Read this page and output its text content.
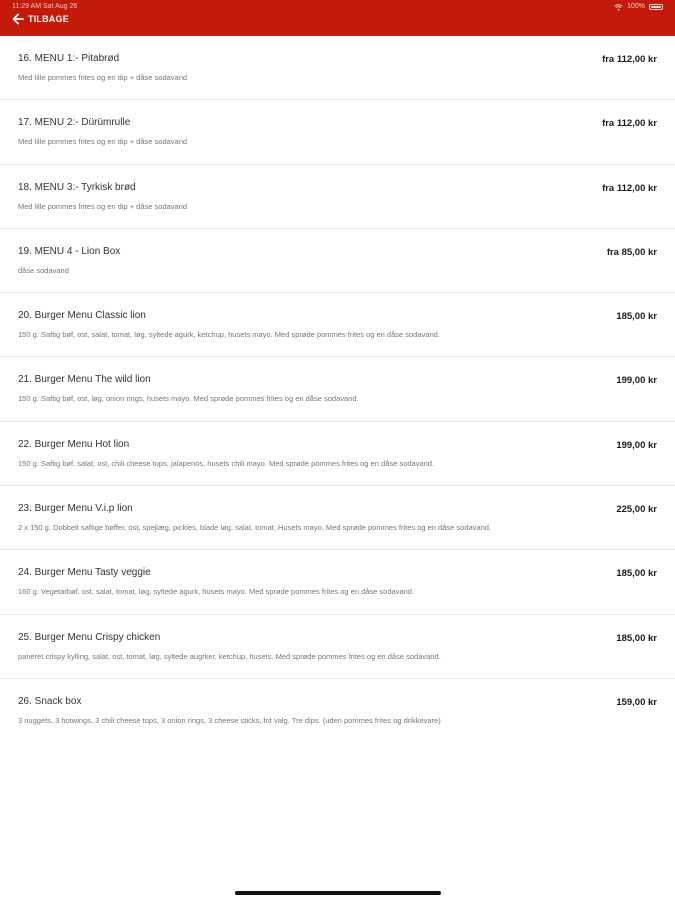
11:29 AM Sat Aug 26	100%
TILBAGE
16. MENU 1:- Pitabrød
Med lille pommes frites og en dip + dåse sodavand
fra 112,00 kr
17. MENU 2:- Dürümrulle
Med lille pommes frites og en dip + dåse sodavand
fra 112,00 kr
18. MENU 3:- Tyrkisk brød
Med lille pommes frites og en dip + dåse sodavand
fra 112,00 kr
19. MENU 4 - Lion Box
dåse sodavand
fra 85,00 kr
20. Burger Menu Classic lion
150 g. Saftig bøf, ost, salat, tomat, løg, syltede agurk, ketchup, husets mayo. Med sprøde pommes frites og en dåse sodavand.
185,00 kr
21. Burger Menu The wild lion
150 g. Saftig bøf, ost, løg, onion rings, husets mayo. Med sprøde pommes frites og en dåse sodavand.
199,00 kr
22. Burger Menu Hot lion
150 g. Saftig bøf, salat, ost, chili cheese tops, jalapenos, husets chili mayo. Med sprøde pommes frites og en dåse sodavand.
199,00 kr
23. Burger Menu V.i.p lion
2 x 150 g. Dobbelt saftige bøffer, ost, spejlæg, pickles, blade løg, salat, tomat, Husets mayo. Med sprøde pommes frites og en dåse sodavand.
225,00 kr
24. Burger Menu Tasty veggie
160 g. Vegetarbøf, ost, salat, tomat, løg, syltede agurk, husets mayo. Med sprøde pommes frites og en dåse sodavand.
185,00 kr
25. Burger Menu Crispy chicken
paneret crispy kylling, salat, ost, tomat, løg, syltede augrker, ketchup, husets. Med sprøde pommes frites og en dåse sodavand.
185,00 kr
26. Snack box
3 nuggets, 3 hotwings, 3 chili cheese tops, 3 onion rings, 3 cheese sticks, frit valg. Tre dips. (uden pommes frites og drikkevare)
159,00 kr
